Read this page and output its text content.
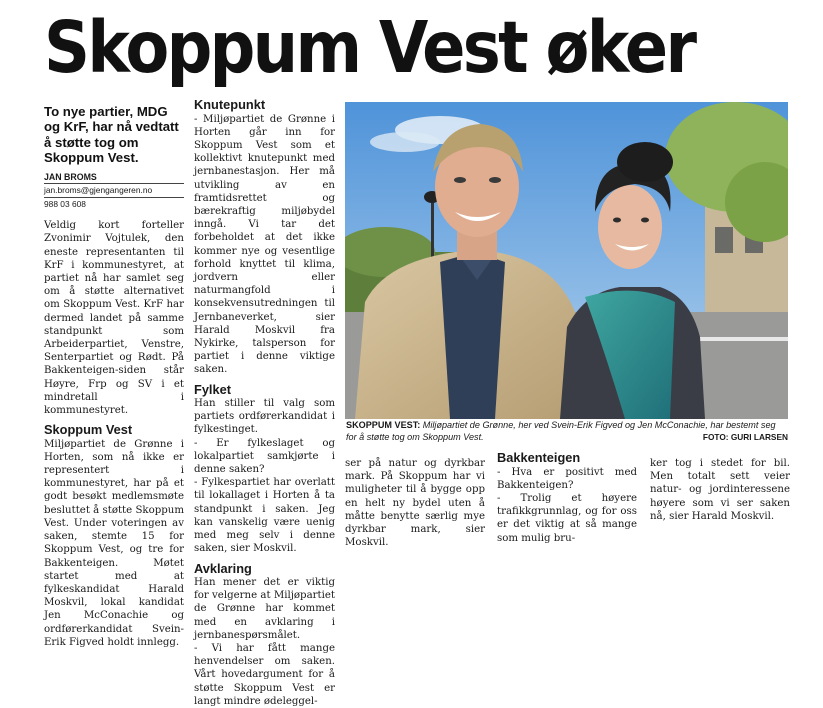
Skoppum Vest øker

To nye partier, MDG og KrF, har nå vedtatt å støtte tog om Skoppum Vest.

JAN BROMS
jan.broms@gjengangeren.no
988 03 608

Veldig kort forteller Zvonimir Vojtulek, den eneste representanten til KrF i kommunestyret, at partiet nå har samlet seg om å støtte alternativet om Skoppum Vest. KrF har dermed landet på samme standpunkt som Arbeiderpartiet, Venstre, Senterpartiet og Rødt. På Bakkenteigen-siden står Høyre, Frp og SV i et mindretall i kommunestyret.

Skoppum Vest

Miljøpartiet de Grønne i Horten, som nå ikke er representert i kommunestyret, har på et godt besøkt medlemsmøte besluttet å støtte Skoppum Vest. Under voteringen av saken, stemte 15 for Skoppum Vest, og tre for Bakkenteigen. Møtet startet med at fylkeskandidat Harald Moskvil, lokal kandidat Jen McConachie og ordførerkandidat Svein-Erik Figved holdt innlegg.

Knutepunkt

- Miljøpartiet de Grønne i Horten går inn for Skoppum Vest som et kollektivt knutepunkt med jernbanestasjon. Her må utvikling av en framtidsrettet og bærekraftig miljøbydel inngå. Vi tar det forbeholdet at det ikke kommer nye og vesentlige forhold knyttet til klima, jordvern eller naturmangfold i konsekvensutredningen til Jernbaneverket, sier Harald Moskvil fra Nykirke, talsperson for partiet i denne viktige saken.

Fylket

Han stiller til valg som partiets ordførerkandidat i fylkestinget.

- Er fylkeslaget og lokalpartiet samkjørte i denne saken?

- Fylkespartiet har overlatt til lokallaget i Horten å ta standpunkt i saken. Jeg kan vanskelig være uenig med meg selv i denne saken, sier Moskvil.

Avklaring

Han mener det er viktig for velgerne at Miljøpartiet de Grønne har kommet med en avklaring i jernbanespørsmålet.

- Vi har fått mange henvendelser om saken. Vårt hovedargument for å støtte Skoppum Vest er langt mindre ødeleggel-

SKOPPUM VEST: Miljøpartiet de Grønne, her ved Svein-Erik Figved og Jen McConachie, har bestemt seg for å støtte tog om Skoppum Vest.	FOTO: GURI LARSEN

ser på natur og dyrkbar mark. På Skoppum har vi muligheter til å bygge opp en helt ny bydel uten å måtte benytte særlig mye dyrkbar mark, sier Moskvil.

Bakkenteigen

- Hva er positivt med Bakkenteigen?

- Trolig et høyere trafikkgrunnlag, og for oss er det viktig at så mange som mulig bru-

ker tog i stedet for bil. Men totalt sett veier natur- og jordinteressene høyere som vi ser saken nå, sier Harald Moskvil.
